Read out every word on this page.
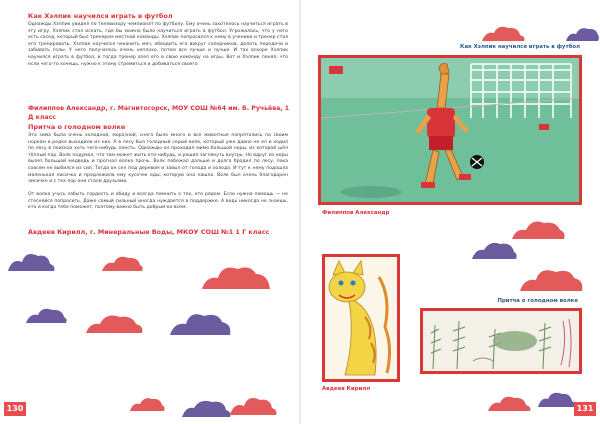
Как Хэлпик научился играть в футбол
Однажды Хэлпик увидел по телевизору чемпионат по футболу. Ему очень захотелось научиться играть в эту игру. Хэлпик стал искать, где бы можно было научиться играть в футбол. Угрожалось, что у него есть сосед, который был тренером местной команды. Хэлпик попросился к нему в ученики и тренер стал его тренировать. Хэлпик научился чеканить мяч, обводить его вокруг соперников, делать передачи и забивать голы. У него получалось очень неплохо, потом все лучше и лучше. И так вскоре Хэлпик научился играть в футбол, и тогда тренер взял его в свою команду на игры. Вот и Хэлпик понял, что если чего-то хочешь, нужно к этому стремиться и добиваться своего.
Филиппов Александр, г. Магнитогорск, МОУ СОШ №64 им. Б. Ручьёва, 1 Д класс
Притча о голодном волке
Эта зима была очень холодной, морозной, снега было много и все животные попрятались по своим норкам и редко выходили из них. А в лесу был голодный серый волк, который уже давно не ел и ходил по лесу в поисках хоть чего-нибудь поесть. Однажды он проходил мимо большой норы, из которой шёл тёплый пар. Волк подумал, что там может жить кто-нибудь, и решил заглянуть внутрь. Но вдруг из норы вылез большой медведь и прогнал волка прочь. Волк побежал дальше и долго бродил по лесу, пока совсем не выбился из сил. Тогда он сел под деревом и завыл от голода и холода. И тут к нему подошла маленькая лисичка и предложила ему кусочек еды, которую она нашла. Волк был очень благодарен лисичке и с тех пор они стали друзьями.
От волка учусь забыть гордость и обиду и всегда помнить о тех, кто рядом. Если нужна помощь — не стесняйся попросить. Даже самый сильный иногда нуждается в поддержке. А ведь никогда не знаешь, кто и когда тебе поможет, поэтому важно быть добрым ко всем.
Авдеев Кирилл, г. Минеральные Воды, МКОУ СОШ №1 1 Г класс
130
Как Хэлпик научился играть в футбол
Филиппов Александр
Притча о голодном волке
Авдеев Кирилл
131
